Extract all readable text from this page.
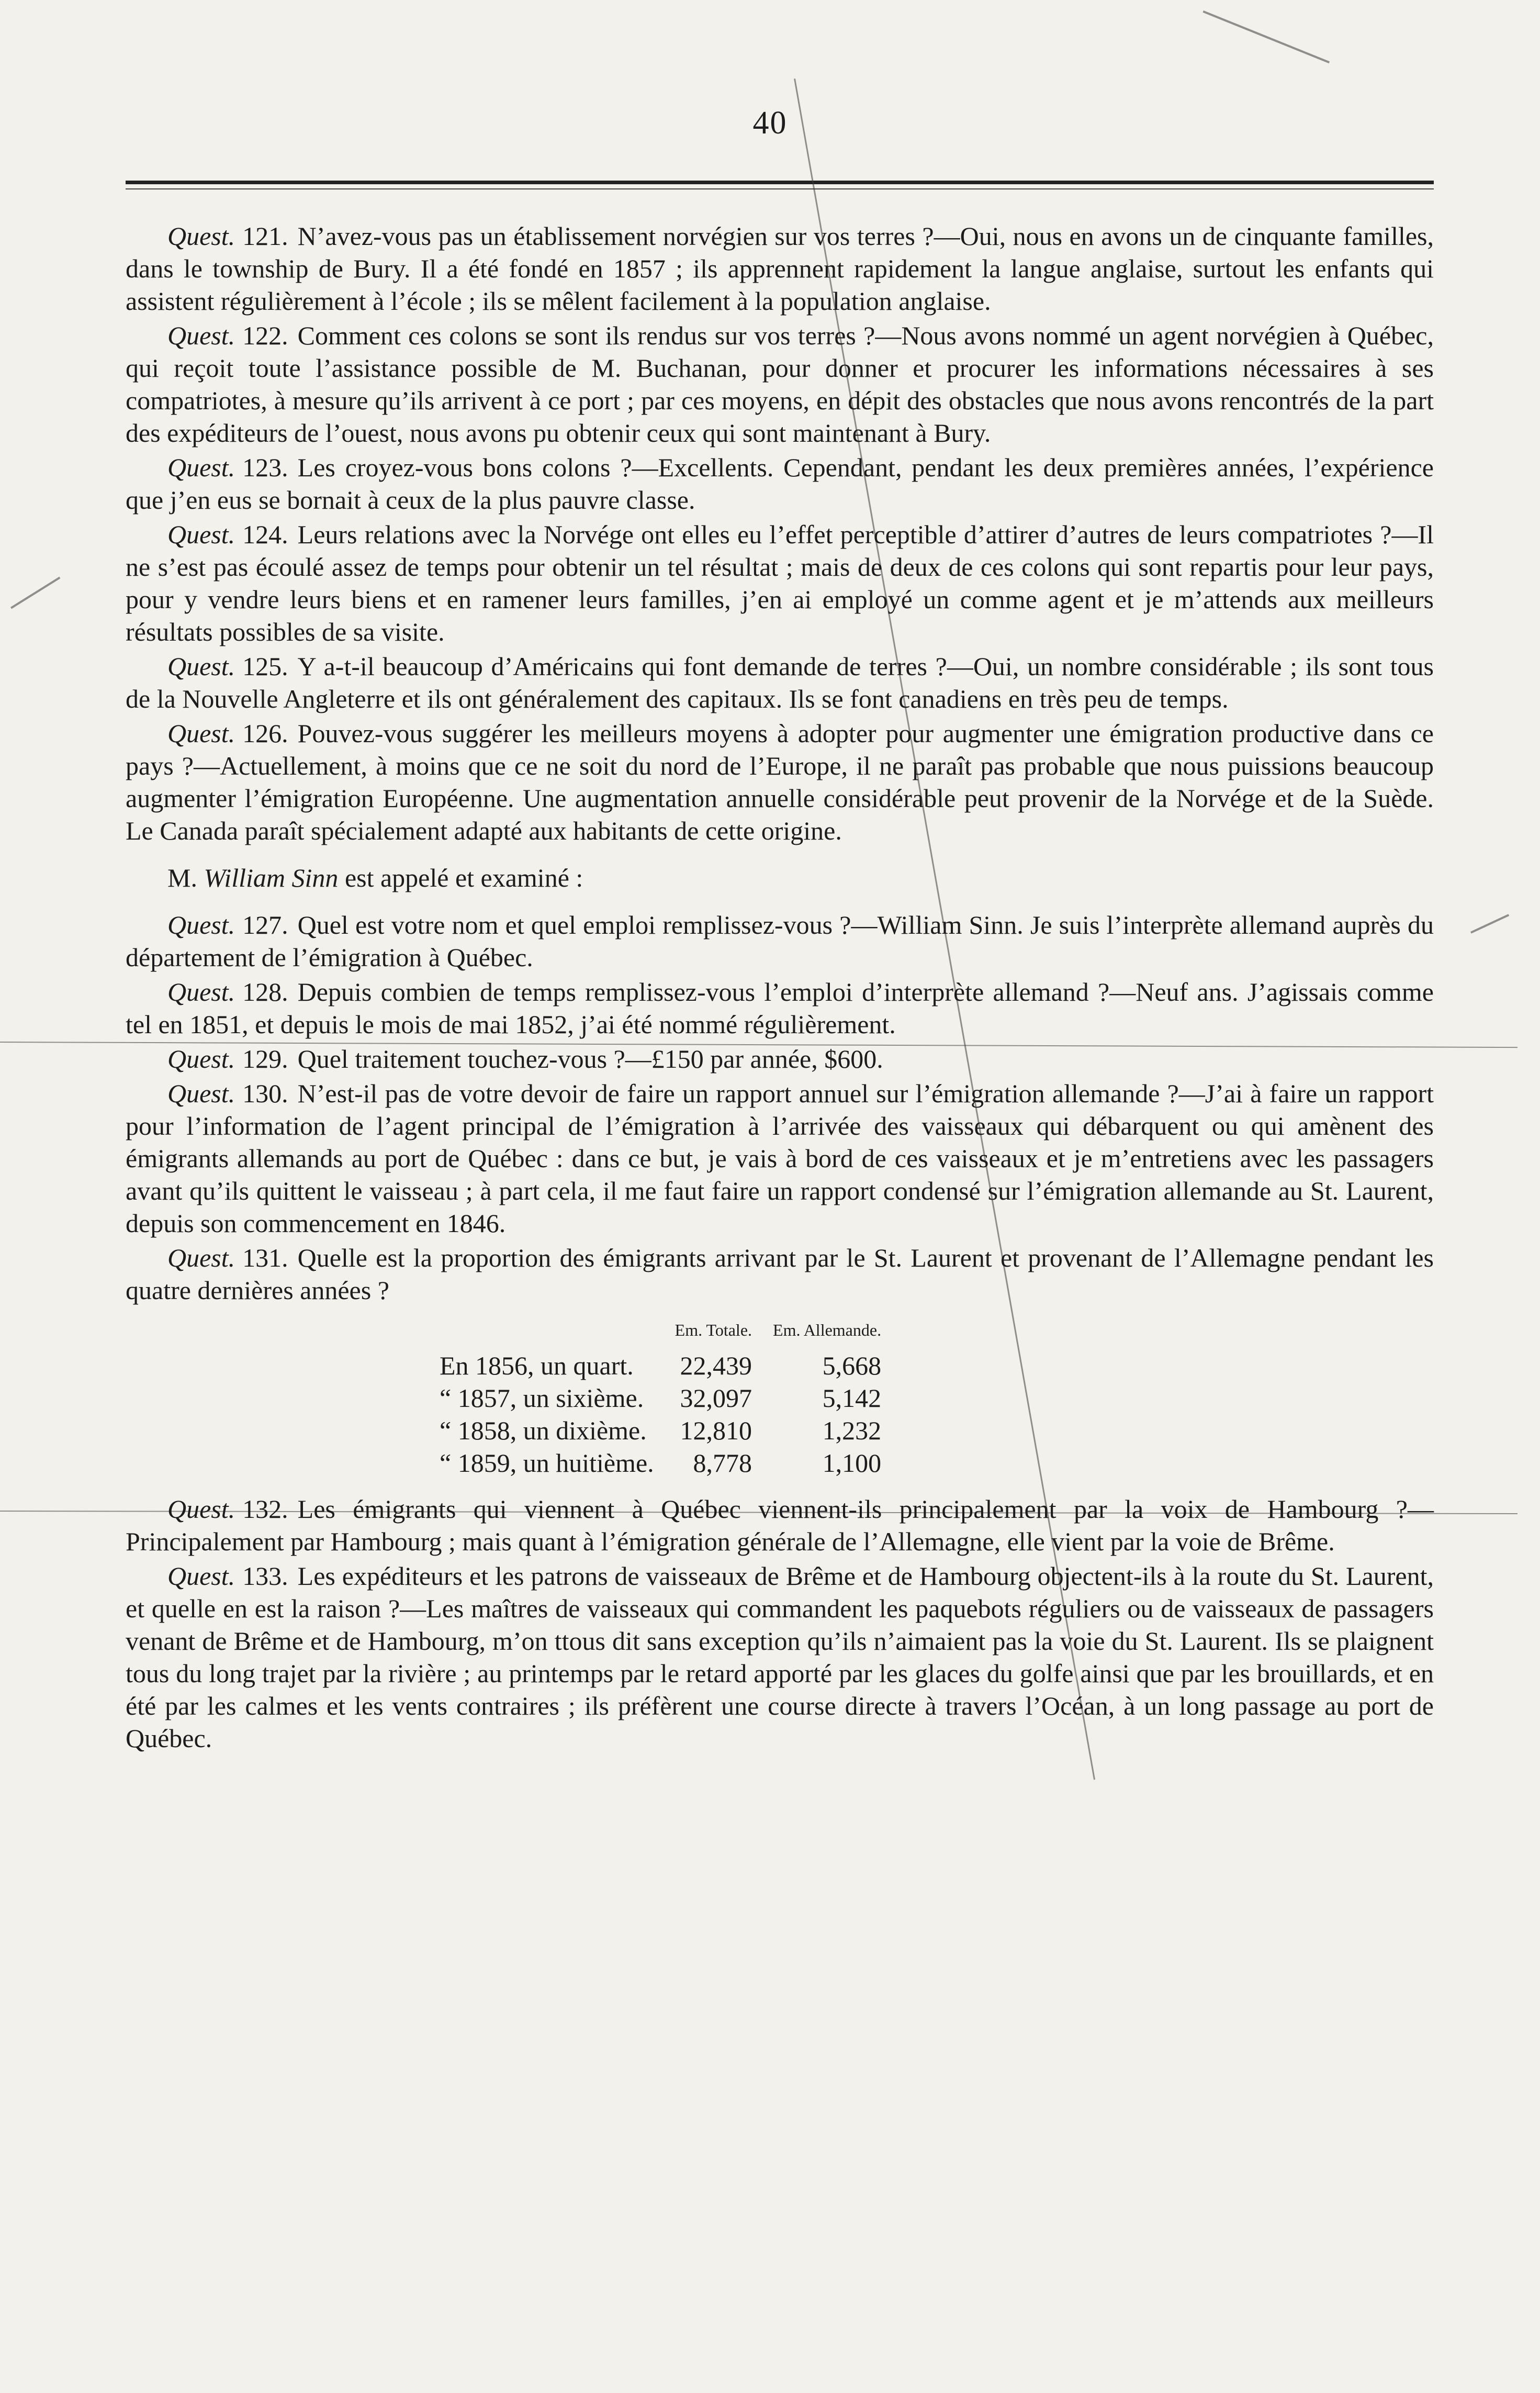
40

Quest. 121. N’avez-vous pas un établissement norvégien sur vos terres ?—Oui, nous en avons un de cinquante familles, dans le township de Bury. Il a été fondé en 1857 ; ils apprennent rapidement la langue anglaise, surtout les enfants qui assistent régulièrement à l’école ; ils se mêlent facilement à la population anglaise.

Quest. 122. Comment ces colons se sont ils rendus sur vos terres ?—Nous avons nommé un agent norvégien à Québec, qui reçoit toute l’assistance possible de M. Buchanan, pour donner et procurer les informations nécessaires à ses compatriotes, à mesure qu’ils arrivent à ce port ; par ces moyens, en dépit des obstacles que nous avons rencontrés de la part des expéditeurs de l’ouest, nous avons pu obtenir ceux qui sont maintenant à Bury.

Quest. 123. Les croyez-vous bons colons ?—Excellents. Cependant, pendant les deux premières années, l’expérience que j’en eus se bornait à ceux de la plus pauvre classe.

Quest. 124. Leurs relations avec la Norvége ont elles eu l’effet perceptible d’attirer d’autres de leurs compatriotes ?—Il ne s’est pas écoulé assez de temps pour obtenir un tel résultat ; mais de deux de ces colons qui sont repartis pour leur pays, pour y vendre leurs biens et en ramener leurs familles, j’en ai employé un comme agent et je m’attends aux meilleurs résultats possibles de sa visite.

Quest. 125. Y a-t-il beaucoup d’Américains qui font demande de terres ?—Oui, un nombre considérable ; ils sont tous de la Nouvelle Angleterre et ils ont généralement des capitaux. Ils se font canadiens en très peu de temps.

Quest. 126. Pouvez-vous suggérer les meilleurs moyens à adopter pour augmenter une émigration productive dans ce pays ?—Actuellement, à moins que ce ne soit du nord de l’Europe, il ne paraît pas probable que nous puissions beaucoup augmenter l’émigration Européenne. Une augmentation annuelle considérable peut provenir de la Norvége et de la Suède. Le Canada paraît spécialement adapté aux habitants de cette origine.

M. William Sinn est appelé et examiné :

Quest. 127. Quel est votre nom et quel emploi remplissez-vous ?—William Sinn. Je suis l’interprète allemand auprès du département de l’émigration à Québec.

Quest. 128. Depuis combien de temps remplissez-vous l’emploi d’interprète allemand ?—Neuf ans. J’agissais comme tel en 1851, et depuis le mois de mai 1852, j’ai été nommé régulièrement.

Quest. 129. Quel traitement touchez-vous ?—£150 par année, $600.

Quest. 130. N’est-il pas de votre devoir de faire un rapport annuel sur l’émigration allemande ?—J’ai à faire un rapport pour l’information de l’agent principal de l’émigration à l’arrivée des vaisseaux qui débarquent ou qui amènent des émigrants allemands au port de Québec : dans ce but, je vais à bord de ces vaisseaux et je m’entretiens avec les passagers avant qu’ils quittent le vaisseau ; à part cela, il me faut faire un rapport condensé sur l’émigration allemande au St. Laurent, depuis son commencement en 1846.

Quest. 131. Quelle est la proportion des émigrants arrivant par le St. Laurent et provenant de l’Allemagne pendant les quatre dernières années ?

	Em. Totale.	Em. Allemande.
En 1856, un quart.	22,439	5,668
“ 1857, un sixième.	32,097	5,142
“ 1858, un dixième.	12,810	1,232
“ 1859, un huitième.	8,778	1,100

Quest. 132. Les émigrants qui viennent à Québec viennent-ils principalement par la voix de Hambourg ?—Principalement par Hambourg ; mais quant à l’émigration générale de l’Allemagne, elle vient par la voie de Brême.

Quest. 133. Les expéditeurs et les patrons de vaisseaux de Brême et de Hambourg objectent-ils à la route du St. Laurent, et quelle en est la raison ?—Les maîtres de vaisseaux qui commandent les paquebots réguliers ou de vaisseaux de passagers venant de Brême et de Hambourg, m’on ttous dit sans exception qu’ils n’aimaient pas la voie du St. Laurent. Ils se plaignent tous du long trajet par la rivière ; au printemps par le retard apporté par les glaces du golfe ainsi que par les brouillards, et en été par les calmes et les vents contraires ; ils préfèrent une course directe à travers l’Océan, à un long passage au port de Québec.
